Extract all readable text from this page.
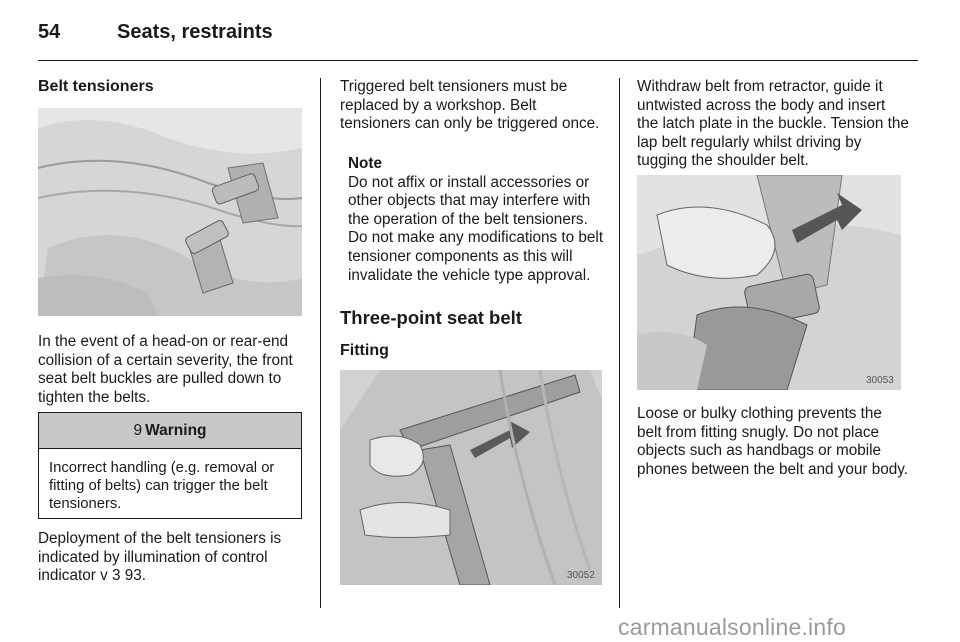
54	Seats, restraints
Belt tensioners

In the event of a head-on or rear-end collision of a certain severity, the front seat belt buckles are pulled down to tighten the belts.

9 Warning
Incorrect handling (e.g. removal or fitting of belts) can trigger the belt tensioners.

Deployment of the belt tensioners is indicated by illumination of control indicator v 3 93.

Triggered belt tensioners must be replaced by a workshop. Belt tensioners can only be triggered once.

Note

Do not affix or install accessories or other objects that may interfere with the operation of the belt tensioners. Do not make any modifications to belt tensioner components as this will invalidate the vehicle type approval.

Three-point seat belt
Fitting
30052

Withdraw belt from retractor, guide it untwisted across the body and insert the latch plate in the buckle. Tension the lap belt regularly whilst driving by tugging the shoulder belt.

30053

Loose or bulky clothing prevents the belt from fitting snugly. Do not place objects such as handbags or mobile phones between the belt and your body.

carmanualsonline.info
